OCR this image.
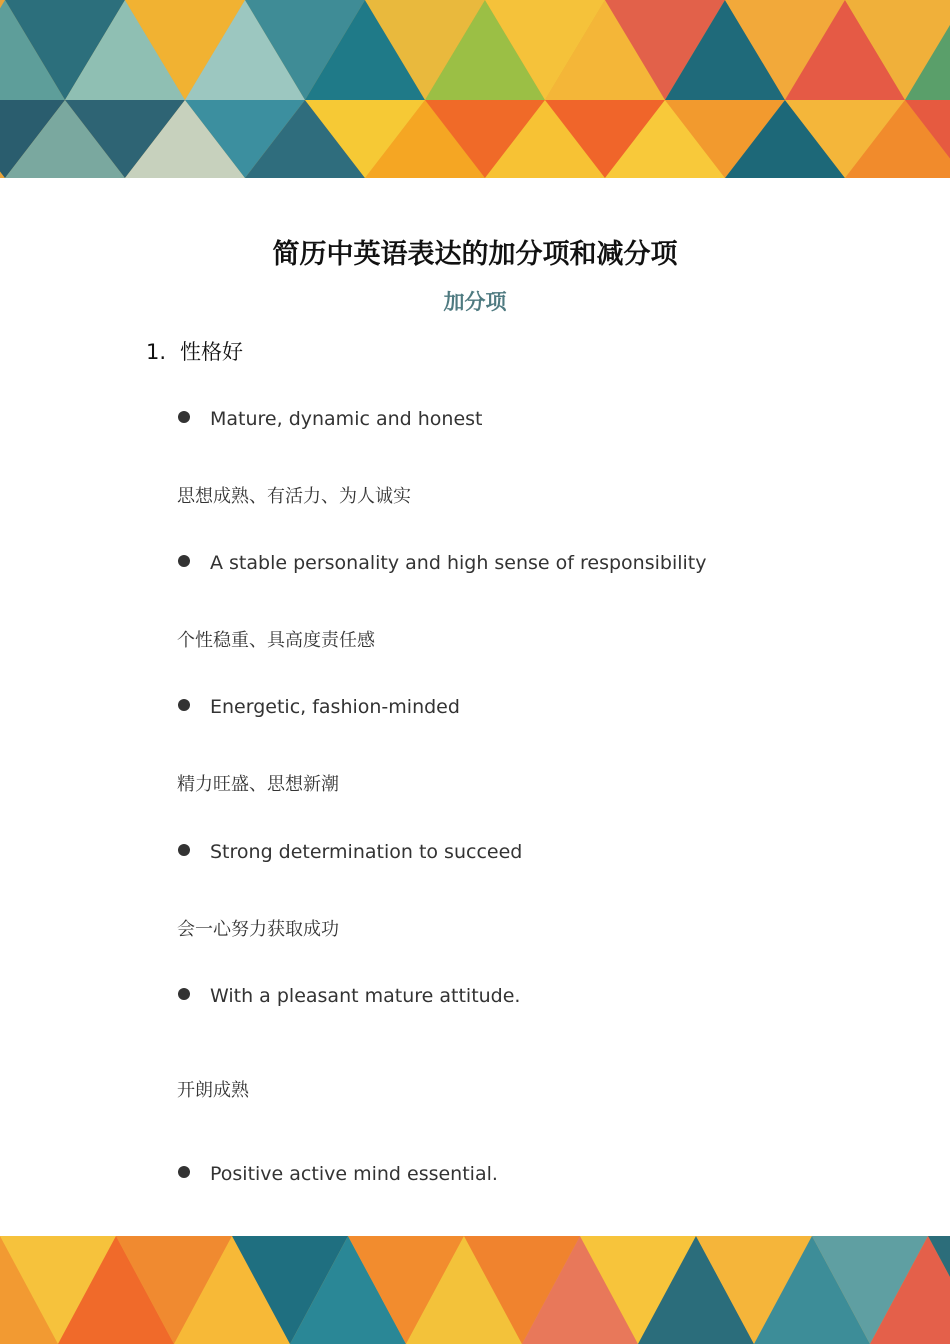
简历中英语表达的加分项和减分项
加分项
1. 性格好
Mature, dynamic and honest
思想成熟、有活力、为人诚实
A stable personality and high sense of responsibility
个性稳重、具高度责任感
Energetic, fashion-minded
精力旺盛、思想新潮
Strong determination to succeed
会一心努力获取成功
With a pleasant mature attitude.
开朗成熟
Positive active mind essential.
